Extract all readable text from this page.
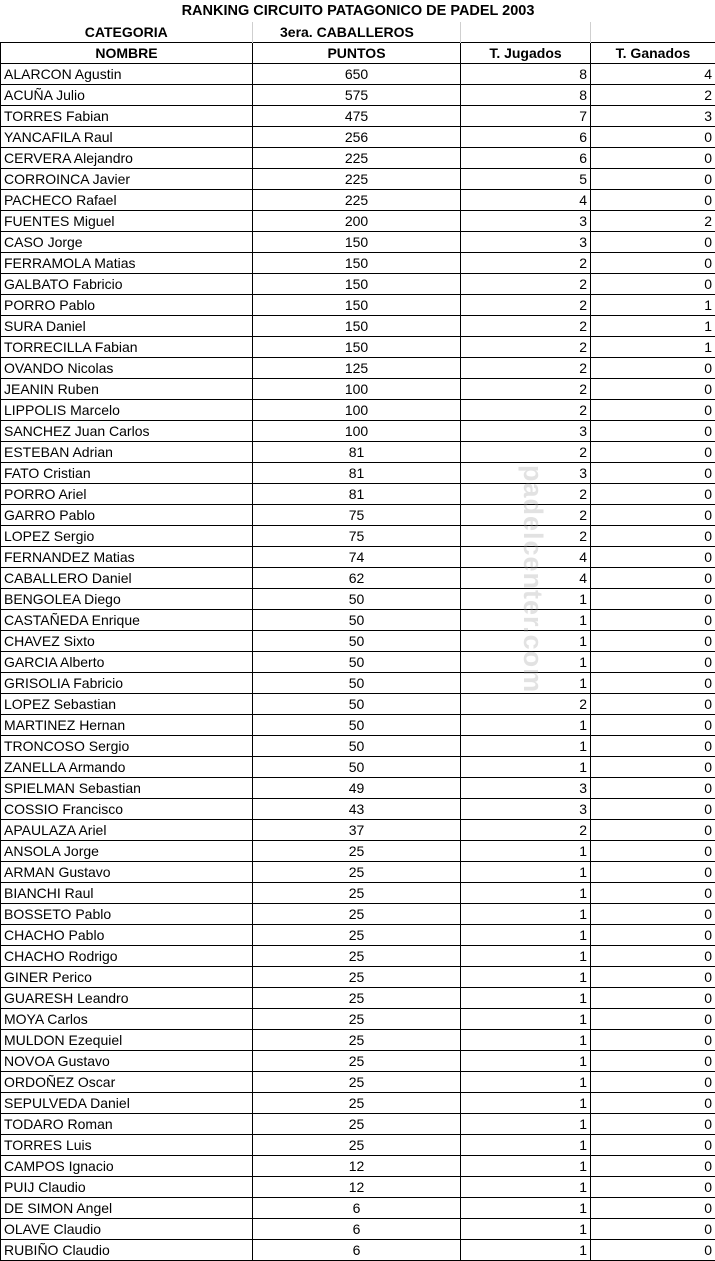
RANKING CIRCUITO PATAGONICO DE PADEL 2003			
CATEGORIA	3era. CABALLEROS		
NOMBRE	PUNTOS	T. Jugados	T. Ganados
ALARCON Agustin	650	8	4
ACUÑA Julio	575	8	2
TORRES Fabian	475	7	3
YANCAFILA Raul	256	6	0
CERVERA Alejandro	225	6	0
CORROINCA Javier	225	5	0
PACHECO Rafael	225	4	0
FUENTES Miguel	200	3	2
CASO Jorge	150	3	0
FERRAMOLA Matias	150	2	0
GALBATO Fabricio	150	2	0
PORRO Pablo	150	2	1
SURA Daniel	150	2	1
TORRECILLA Fabian	150	2	1
OVANDO Nicolas	125	2	0
JEANIN Ruben	100	2	0
LIPPOLIS Marcelo	100	2	0
SANCHEZ Juan Carlos	100	3	0
ESTEBAN Adrian	81	2	0
FATO Cristian	81	3	0
PORRO Ariel	81	2	0
GARRO Pablo	75	2	0
LOPEZ Sergio	75	2	0
FERNANDEZ Matias	74	4	0
CABALLERO Daniel	62	4	0
BENGOLEA Diego	50	1	0
CASTAÑEDA Enrique	50	1	0
CHAVEZ Sixto	50	1	0
GARCIA Alberto	50	1	0
GRISOLIA Fabricio	50	1	0
LOPEZ Sebastian	50	2	0
MARTINEZ Hernan	50	1	0
TRONCOSO Sergio	50	1	0
ZANELLA Armando	50	1	0
SPIELMAN Sebastian	49	3	0
COSSIO Francisco	43	3	0
APAULAZA Ariel	37	2	0
ANSOLA Jorge	25	1	0
ARMAN Gustavo	25	1	0
BIANCHI Raul	25	1	0
BOSSETO Pablo	25	1	0
CHACHO Pablo	25	1	0
CHACHO Rodrigo	25	1	0
GINER Perico	25	1	0
GUARESH Leandro	25	1	0
MOYA Carlos	25	1	0
MULDON Ezequiel	25	1	0
NOVOA Gustavo	25	1	0
ORDOÑEZ Oscar	25	1	0
SEPULVEDA Daniel	25	1	0
TODARO Roman	25	1	0
TORRES Luis	25	1	0
CAMPOS Ignacio	12	1	0
PUIJ Claudio	12	1	0
DE SIMON Angel	6	1	0
OLAVE Claudio	6	1	0
RUBIÑO Claudio	6	1	0
padelcenter.com
